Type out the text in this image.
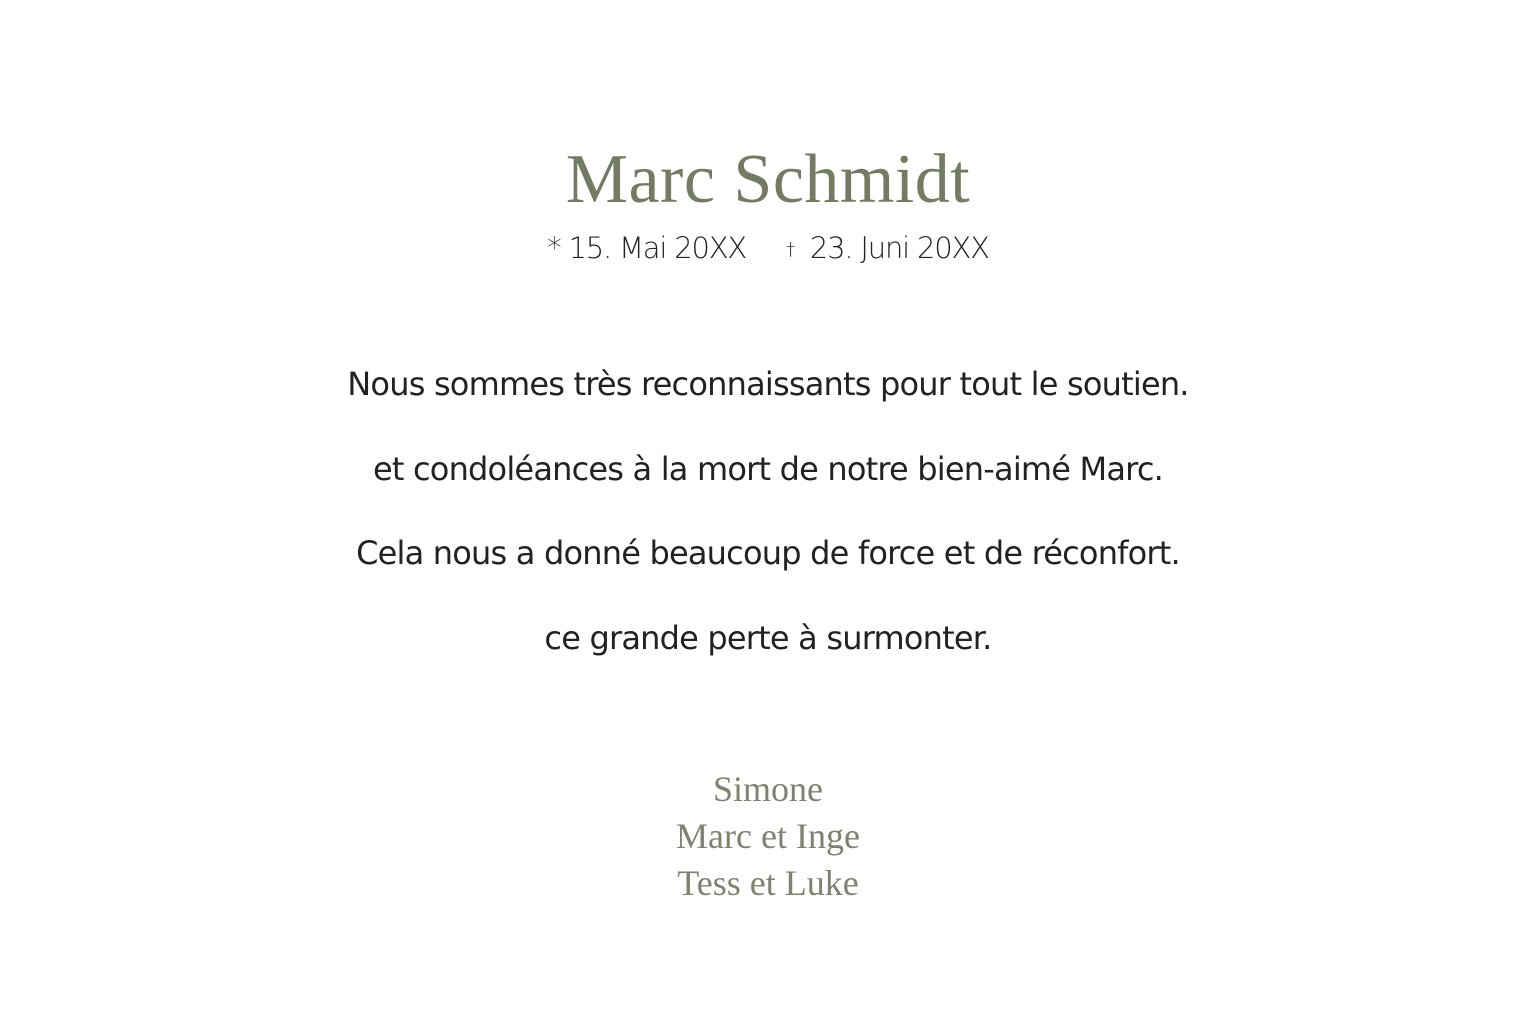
Marc Schmidt
* 15. Mai 20XX † 23. Juni 20XX
Nous sommes très reconnaissants pour tout le soutien.
et condoléances à la mort de notre bien-aimé Marc.
Cela nous a donné beaucoup de force et de réconfort.
ce grande perte à surmonter.
Simone
Marc et Inge
Tess et Luke
